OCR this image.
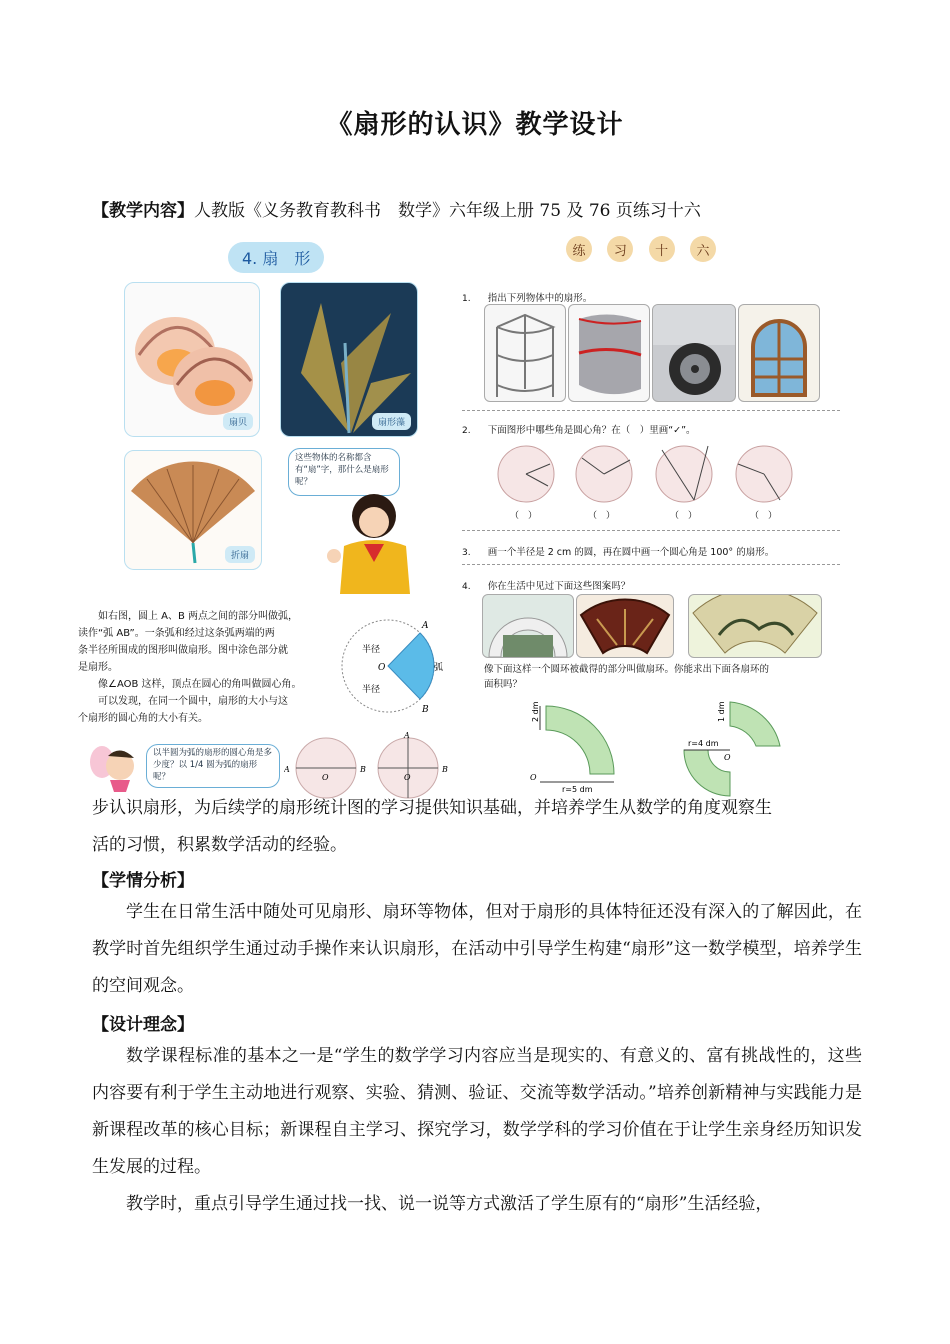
《扇形的认识》教学设计
【教学内容】人教版《义务教育教科书　数学》六年级上册 75 及 76 页练习十六
4. 扇　形
扇贝	扇形藻
折扇
这些物体的名称都含有“扇”字，那什么是扇形呢？
如右图，圆上 A、B 两点之间的部分叫做弧，
读作“弧 AB”。一条弧和经过这条弧两端的两
条半径所围成的图形叫做扇形。图中涂色部分就
是扇形。
像∠AOB 这样，顶点在圆心的角叫做圆心角。
可以发现，在同一个圆中，扇形的大小与这
个扇形的圆心角的大小有关。
半径
半径
弧
A
B
O
以半圆为弧的扇形的圆心角是多少度？以 1/4 圆为弧的扇形呢？
A	B
O
A
B
O
练	习	十	六
1. 指出下列物体中的扇形。
2. 下面图形中哪些角是圆心角？在（　）里画“✓”。
（　）	（　）	（　）	（　）
3. 画一个半径是 2 cm 的圆，再在圆中画一个圆心角是 100° 的扇形。
4. 你在生活中见过下面这些图案吗？
像下面这样一个圆环被截得的部分叫做扇环。你能求出下面各扇环的
面积吗？
2 dm
r=5 dm
O
1 dm
r=4 dm
O
步认识扇形，为后续学的扇形统计图的学习提供知识基础，并培养学生从数学的角度观察生
活的习惯，积累数学活动的经验。
【学情分析】
学生在日常生活中随处可见扇形、扇环等物体，但对于扇形的具体特征还没有深入的了解因此，在教学时首先组织学生通过动手操作来认识扇形，在活动中引导学生构建“扇形”这一数学模型，培养学生的空间观念。
【设计理念】
数学课程标准的基本之一是“学生的数学学习内容应当是现实的、有意义的、富有挑战性的，这些内容要有利于学生主动地进行观察、实验、猜测、验证、交流等数学活动。”培养创新精神与实践能力是新课程改革的核心目标；新课程自主学习、探究学习，数学学科的学习价值在于让学生亲身经历知识发生发展的过程。
教学时，重点引导学生通过找一找、说一说等方式激活了学生原有的“扇形”生活经验，
